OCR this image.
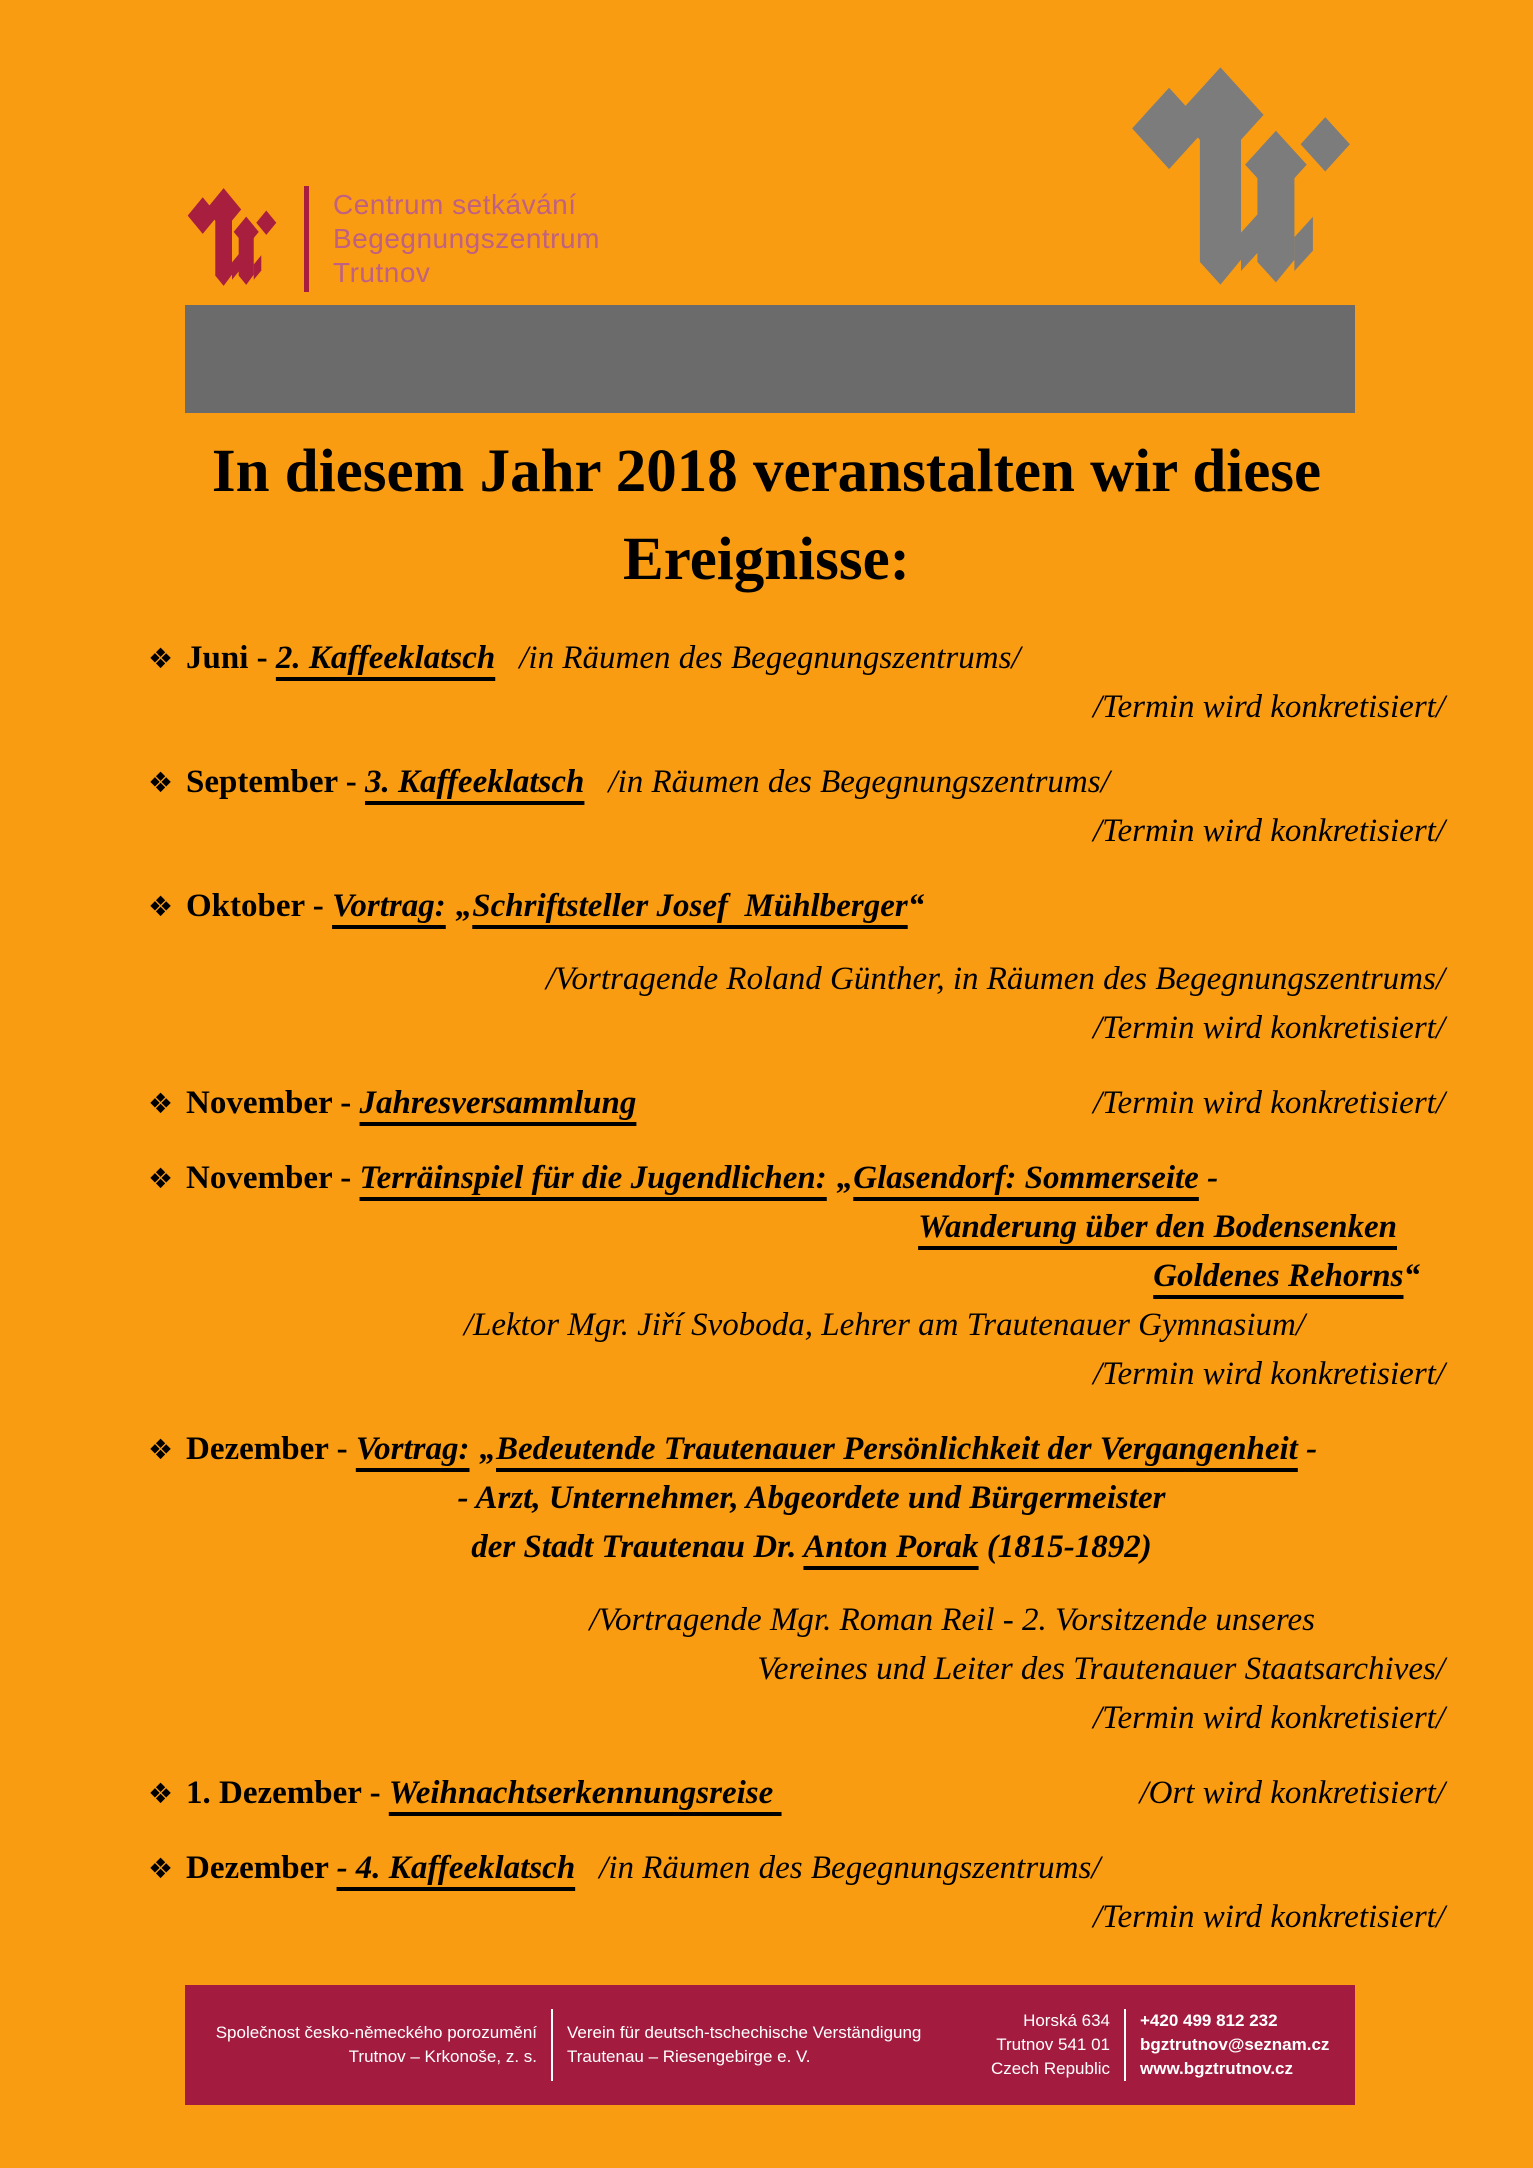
Centrum setkávání
Begegnungszentrum
Trutnov
In diesem Jahr 2018 veranstalten wir diese
Ereignisse:
❖ Juni - 2. Kaffeeklatsch /in Räumen des Begegnungszentrums/
/Termin wird konkretisiert/
❖ September - 3. Kaffeeklatsch /in Räumen des Begegnungszentrums/
/Termin wird konkretisiert/
❖ Oktober - Vortrag: „Schriftsteller Josef  Mühlberger“
/Vortragende Roland Günther, in Räumen des Begegnungszentrums/
/Termin wird konkretisiert/
❖ November - Jahresversammlung	/Termin wird konkretisiert/
❖ November - Terräinspiel für die Jugendlichen: „Glasendorf: Sommerseite -
Wanderung über den Bodensenken
Goldenes Rehorns“
/Lektor Mgr. Jiří Svoboda, Lehrer am Trautenauer Gymnasium/
/Termin wird konkretisiert/
❖ Dezember - Vortrag: „Bedeutende Trautenauer Persönlichkeit der Vergangenheit -
- Arzt, Unternehmer, Abgeordete und Bürgermeister
der Stadt Trautenau Dr. Anton Porak (1815-1892)
/Vortragende Mgr. Roman Reil - 2. Vorsitzende unseres
Vereines und Leiter des Trautenauer Staatsarchives/
/Termin wird konkretisiert/
❖ 1. Dezember - Weihnachtserkennungsreise	/Ort wird konkretisiert/
❖ Dezember - 4. Kaffeeklatsch /in Räumen des Begegnungszentrums/
/Termin wird konkretisiert/
Společnost česko-německého porozumění
Trutnov – Krkonoše, z. s.
Verein für deutsch-tschechische Verständigung
Trautenau – Riesengebirge e. V.
Horská 634
Trutnov 541 01
Czech Republic
+420 499 812 232
bgztrutnov@seznam.cz
www.bgztrutnov.cz
